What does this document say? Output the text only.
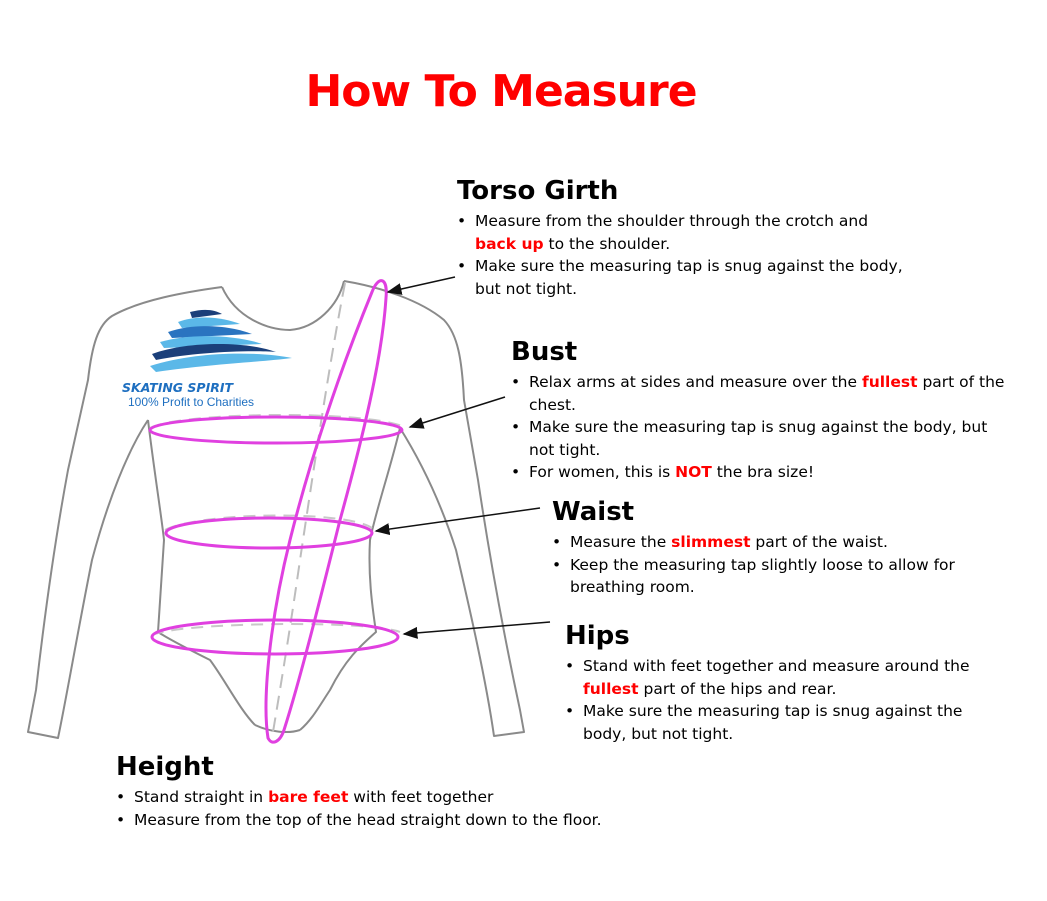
How To Measure
SKATING SPIRIT
100% Profit to Charities
Torso Girth
• Measure from the shoulder through the crotch and back up to the shoulder.
• Make sure the measuring tap is snug against the body, but not tight.
Bust
• Relax arms at sides and measure over the fullest part of the chest.
• Make sure the measuring tap is snug against the body, but not tight.
• For women, this is NOT the bra size!
Waist
• Measure the slimmest part of the waist.
• Keep the measuring tap slightly loose to allow for breathing room.
Hips
• Stand with feet together and measure around the fullest part of the hips and rear.
• Make sure the measuring tap is snug against the body, but not tight.
Height
• Stand straight in bare feet with feet together
• Measure from the top of the head straight down to the floor.
